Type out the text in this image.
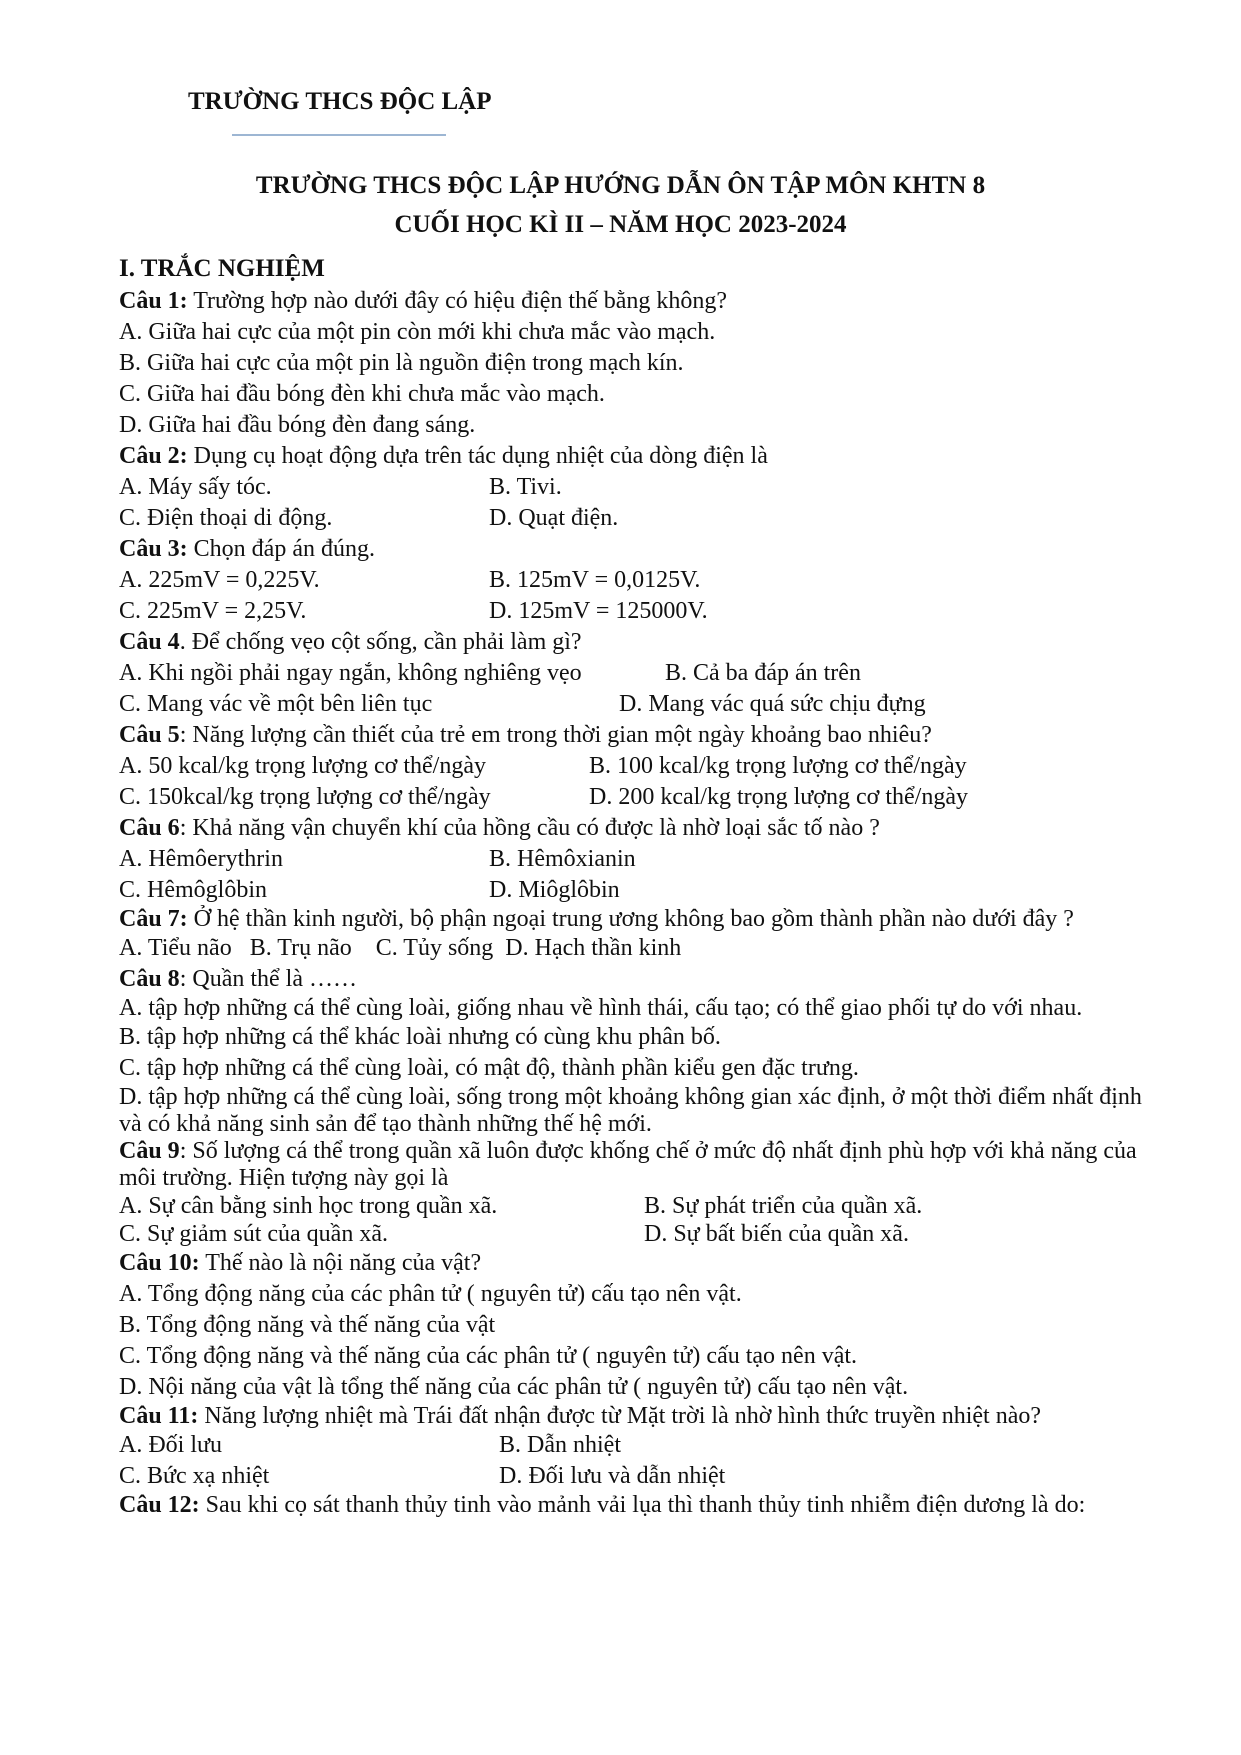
TRƯỜNG THCS ĐỘC LẬP
TRƯỜNG THCS ĐỘC LẬP HƯỚNG DẪN ÔN TẬP MÔN KHTN 8
CUỐI HỌC KÌ II – NĂM HỌC 2023-2024
I. TRẮC NGHIỆM
Câu 1: Trường hợp nào dưới đây có hiệu điện thế bằng không?
A. Giữa hai cực của một pin còn mới khi chưa mắc vào mạch.
B. Giữa hai cực của một pin là nguồn điện trong mạch kín.
C. Giữa hai đầu bóng đèn khi chưa mắc vào mạch.
D. Giữa hai đầu bóng đèn đang sáng.
Câu 2: Dụng cụ hoạt động dựa trên tác dụng nhiệt của dòng điện là
A. Máy sấy tóc.	B. Tivi.
C. Điện thoại di động.	D. Quạt điện.
Câu 3: Chọn đáp án đúng.
A. 225mV = 0,225V.	B. 125mV = 0,0125V.
C. 225mV = 2,25V.	D. 125mV = 125000V.
Câu 4. Để chống vẹo cột sống, cần phải làm gì?
A. Khi ngồi phải ngay ngắn, không nghiêng vẹo	B. Cả ba đáp án trên
C. Mang vác về một bên liên tục	D. Mang vác quá sức chịu đựng
Câu 5: Năng lượng cần thiết của trẻ em trong thời gian một ngày khoảng bao nhiêu?
A. 50 kcal/kg trọng lượng cơ thể/ngày	B. 100 kcal/kg trọng lượng cơ thể/ngày
C. 150kcal/kg trọng lượng cơ thể/ngày	D. 200 kcal/kg trọng lượng cơ thể/ngày
Câu 6: Khả năng vận chuyển khí của hồng cầu có được là nhờ loại sắc tố nào ?
A. Hêmôerythrin	B. Hêmôxianin
C. Hêmôglôbin	D. Miôglôbin
Câu 7: Ở hệ thần kinh người, bộ phận ngoại trung ương không bao gồm thành phần nào dưới đây ?
A. Tiểu não   B. Trụ não    C. Tủy sống  D. Hạch thần kinh
Câu 8: Quần thể là ……
A. tập hợp những cá thể cùng loài, giống nhau về hình thái, cấu tạo; có thể giao phối tự do với nhau.
B. tập hợp những cá thể khác loài nhưng có cùng khu phân bố.
C. tập hợp những cá thể cùng loài, có mật độ, thành phần kiểu gen đặc trưng.
D. tập hợp những cá thể cùng loài, sống trong một khoảng không gian xác định, ở một thời điểm nhất định và có khả năng sinh sản để tạo thành những thế hệ mới.
Câu 9: Số lượng cá thể trong quần xã luôn được khống chế ở mức độ nhất định phù hợp với khả năng của môi trường. Hiện tượng này gọi là
A. Sự cân bằng sinh học trong quần xã.	B. Sự phát triển của quần xã.
C. Sự giảm sút của quần xã.	D. Sự bất biến của quần xã.
Câu 10: Thế nào là nội năng của vật?
A. Tổng động năng của các phân tử ( nguyên tử) cấu tạo nên vật.
B. Tổng động năng và thế năng của vật
C. Tổng động năng và thế năng của các phân tử ( nguyên tử) cấu tạo nên vật.
D. Nội năng của vật là tổng thế năng của các phân tử ( nguyên tử) cấu tạo nên vật.
Câu 11: Năng lượng nhiệt mà Trái đất nhận được từ Mặt trời là nhờ hình thức truyền nhiệt nào?
A. Đối lưu	B. Dẫn nhiệt
C. Bức xạ nhiệt	D. Đối lưu và dẫn nhiệt
Câu 12: Sau khi cọ sát thanh thủy tinh vào mảnh vải lụa thì thanh thủy tinh nhiễm điện dương là do:
